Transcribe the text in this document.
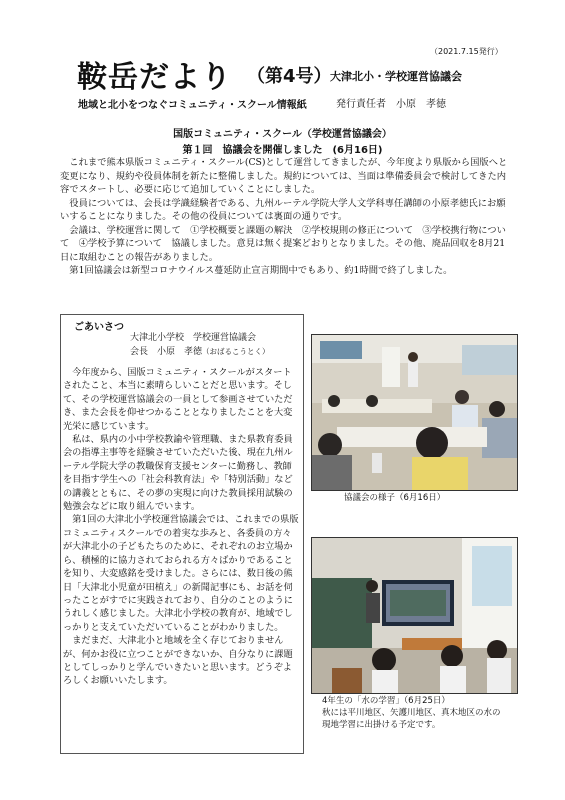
（2021.7.15発行）
鞍岳だより （第4号）
大津北小・学校運営協議会
地域と北小をつなぐコミュニティ・スクール情報紙	発行責任者　小原　孝徳
国版コミュニティ・スクール（学校運営協議会）
第１回　協議会を開催しました　(6月16日)

これまで熊本県版コミュニティ・スクール(CS)として運営してきましたが、今年度より県版から国版へと変更になり、規約や役員体制を新たに整備しました。規約については、当面は準備委員会で検討してきた内容でスタートし、必要に応じて追加していくことにしました。

役員については、会長は学識経験者である、九州ルーテル学院大学人文学科専任講師の小原孝徳氏にお願いすることになりました。その他の役員については裏面の通りです。

会議は、学校運営に関して　①学校概要と課題の解決　②学校規則の修正について　③学校携行物について　④学校予算について　協議しました。意見は無く提案どおりとなりました。その他、廃品回収を8月21日に取組むことの報告がありました。

第1回協議会は新型コロナウイルス蔓延防止宣言期間中でもあり、約1時間で終了しました。

ごあいさつ
大津北小学校　学校運営協議会
会長　小原　孝徳（おばるこうとく）

今年度から、国版コミュニティ・スクールがスタートされたこと、本当に素晴らしいことだと思います。そして、その学校運営協議会の一員として参画させていただき、また会長を仰せつかることとなりましたことを大変光栄に感じています。

私は、県内の小中学校教諭や管理職、また県教育委員会の指導主事等を経験させていただいた後、現在九州ルーテル学院大学の教職保育支援センターに勤務し、教師を目指す学生への「社会科教育法」や「特別活動」などの講義とともに、その夢の実現に向けた教員採用試験の勉強会などに取り組んでいます。

第1回の大津北小学校運営協議会では、これまでの県版コミュニティスクールでの着実な歩みと、各委員の方々が大津北小の子どもたちのために、それぞれのお立場から、積極的に協力されておられる方々ばかりであることを知り、大変感銘を受けました。さらには、数日後の熊日「大津北小児童が田植え」の新聞記事にも、お話を伺ったことがすでに実践されており、自分のことのようにうれしく感じました。大津北小学校の教育が、地域でしっかりと支えていただいていることがわかりました。

まだまだ、大津北小と地域を全く存じておりませんが、何かお役に立つことができないか、自分なりに課題としてしっかりと学んでいきたいと思います。どうぞよろしくお願いいたします。

協議会の様子（6月16日）
4年生の「水の学習」（6月25日）
秋には平川地区、矢護川地区、真木地区の水の
現地学習に出掛ける予定です。
